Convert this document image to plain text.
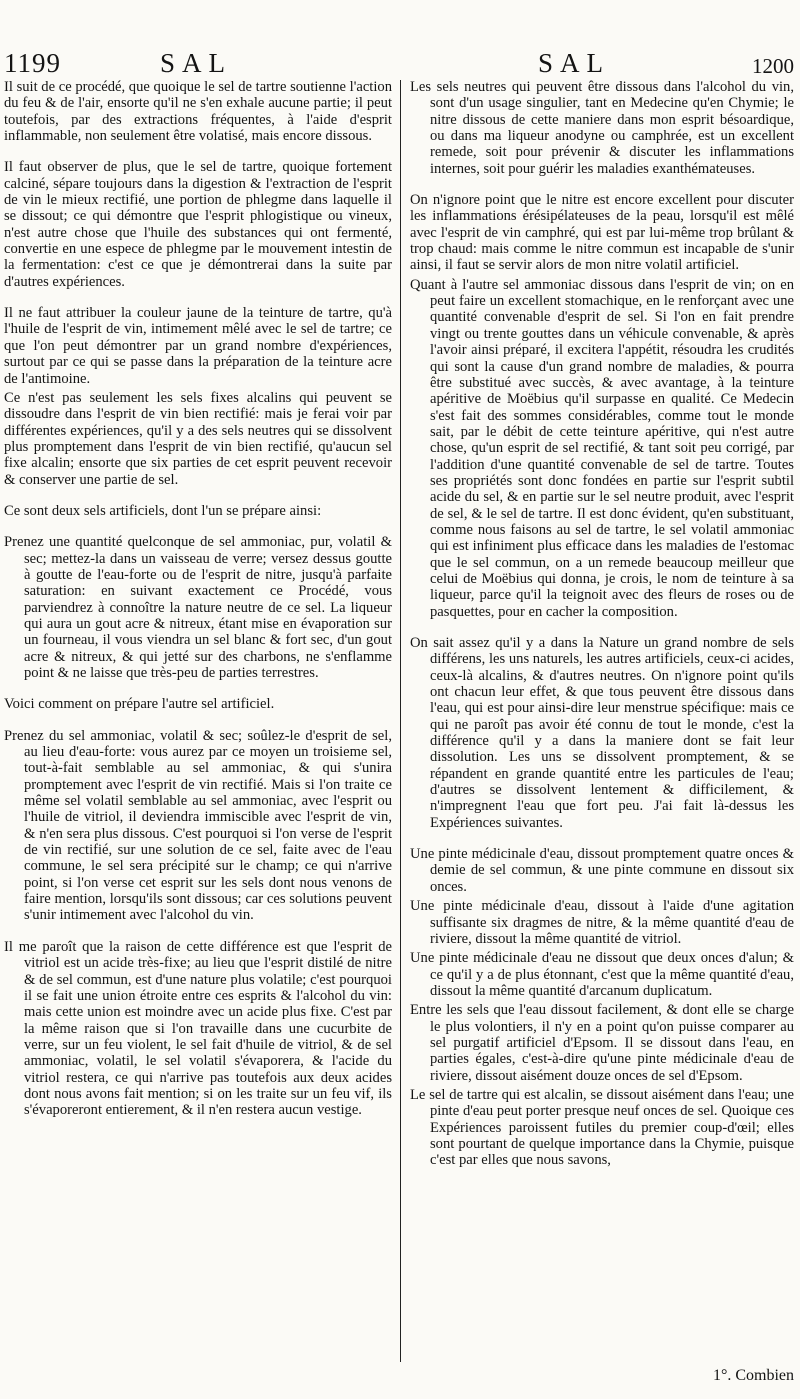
1199	SAL	SAL	1200

Il suit de ce procédé, que quoique le sel de tartre soutienne l'action du feu & de l'air, ensorte qu'il ne s'en exhale aucune partie; il peut toutefois, par des extractions fréquentes, à l'aide d'esprit inflammable, non seulement être volatisé, mais encore dissous.

Il faut observer de plus, que le sel de tartre, quoique fortement calciné, sépare toujours dans la digestion & l'extraction de l'esprit de vin le mieux rectifié, une portion de phlegme dans laquelle il se dissout; ce qui démontre que l'esprit phlogistique ou vineux, n'est autre chose que l'huile des substances qui ont fermenté, convertie en une espece de phlegme par le mouvement intestin de la fermentation: c'est ce que je démontrerai dans la suite par d'autres expériences.

Il ne faut attribuer la couleur jaune de la teinture de tartre, qu'à l'huile de l'esprit de vin, intimement mêlé avec le sel de tartre; ce que l'on peut démontrer par un grand nombre d'expériences, surtout par ce qui se passe dans la préparation de la teinture acre de l'antimoine.

Ce n'est pas seulement les sels fixes alcalins qui peuvent se dissoudre dans l'esprit de vin bien rectifié: mais je ferai voir par différentes expériences, qu'il y a des sels neutres qui se dissolvent plus promptement dans l'esprit de vin bien rectifié, qu'aucun sel fixe alcalin; ensorte que six parties de cet esprit peuvent recevoir & conserver une partie de sel.

Ce sont deux sels artificiels, dont l'un se prépare ainsi:

Prenez une quantité quelconque de sel ammoniac, pur, volatil & sec; mettez-la dans un vaisseau de verre; versez dessus goutte à goutte de l'eau-forte ou de l'esprit de nitre, jusqu'à parfaite saturation: en suivant exactement ce Procédé, vous parviendrez à connoître la nature neutre de ce sel. La liqueur qui aura un gout acre & nitreux, étant mise en évaporation sur un fourneau, il vous viendra un sel blanc & fort sec, d'un gout acre & nitreux, & qui jetté sur des charbons, ne s'enflamme point & ne laisse que très-peu de parties terrestres.

Voici comment on prépare l'autre sel artificiel.

Prenez du sel ammoniac, volatil & sec; soûlez-le d'esprit de sel, au lieu d'eau-forte: vous aurez par ce moyen un troisieme sel, tout-à-fait semblable au sel ammoniac, & qui s'unira promptement avec l'esprit de vin rectifié. Mais si l'on traite ce même sel volatil semblable au sel ammoniac, avec l'esprit ou l'huile de vitriol, il deviendra immiscible avec l'esprit de vin, & n'en sera plus dissous. C'est pourquoi si l'on verse de l'esprit de vin rectifié, sur une solution de ce sel, faite avec de l'eau commune, le sel sera précipité sur le champ; ce qui n'arrive point, si l'on verse cet esprit sur les sels dont nous venons de faire mention, lorsqu'ils sont dissous; car ces solutions peuvent s'unir intimement avec l'alcohol du vin.

Il me paroît que la raison de cette différence est que l'esprit de vitriol est un acide très-fixe; au lieu que l'esprit distilé de nitre & de sel commun, est d'une nature plus volatile; c'est pourquoi il se fait une union étroite entre ces esprits & l'alcohol du vin: mais cette union est moindre avec un acide plus fixe. C'est par la même raison que si l'on travaille dans une cucurbite de verre, sur un feu violent, le sel fait d'huile de vitriol, & de sel ammoniac, volatil, le sel volatil s'évaporera, & l'acide du vitriol restera, ce qui n'arrive pas toutefois aux deux acides dont nous avons fait mention; si on les traite sur un feu vif, ils s'évaporeront entierement, & il n'en restera aucun vestige.

Les sels neutres qui peuvent être dissous dans l'alcohol du vin, sont d'un usage singulier, tant en Medecine qu'en Chymie; le nitre dissous de cette maniere dans mon esprit bésoardique, ou dans ma liqueur anodyne ou camphrée, est un excellent remede, soit pour prévenir & discuter les inflammations internes, soit pour guérir les maladies exanthémateuses.

On n'ignore point que le nitre est encore excellent pour discuter les inflammations érésipélateuses de la peau, lorsqu'il est mêlé avec l'esprit de vin camphré, qui est par lui-même trop brûlant & trop chaud: mais comme le nitre commun est incapable de s'unir ainsi, il faut se servir alors de mon nitre volatil artificiel.

Quant à l'autre sel ammoniac dissous dans l'esprit de vin; on en peut faire un excellent stomachique, en le renforçant avec une quantité convenable d'esprit de sel. Si l'on en fait prendre vingt ou trente gouttes dans un véhicule convenable, & après l'avoir ainsi préparé, il excitera l'appétit, résoudra les crudités qui sont la cause d'un grand nombre de maladies, & pourra être substitué avec succès, & avec avantage, à la teinture apéritive de Moëbius qu'il surpasse en qualité. Ce Medecin s'est fait des sommes considérables, comme tout le monde sait, par le débit de cette teinture apéritive, qui n'est autre chose, qu'un esprit de sel rectifié, & tant soit peu corrigé, par l'addition d'une quantité convenable de sel de tartre. Toutes ses propriétés sont donc fondées en partie sur l'esprit subtil acide du sel, & en partie sur le sel neutre produit, avec l'esprit de sel, & le sel de tartre. Il est donc évident, qu'en substituant, comme nous faisons au sel de tartre, le sel volatil ammoniac qui est infiniment plus efficace dans les maladies de l'estomac que le sel commun, on a un remede beaucoup meilleur que celui de Moëbius qui donna, je crois, le nom de teinture à sa liqueur, parce qu'il la teignoit avec des fleurs de roses ou de pasquettes, pour en cacher la composition.

On sait assez qu'il y a dans la Nature un grand nombre de sels différens, les uns naturels, les autres artificiels, ceux-ci acides, ceux-là alcalins, & d'autres neutres. On n'ignore point qu'ils ont chacun leur effet, & que tous peuvent être dissous dans l'eau, qui est pour ainsi-dire leur menstrue spécifique: mais ce qui ne paroît pas avoir été connu de tout le monde, c'est la différence qu'il y a dans la maniere dont se fait leur dissolution. Les uns se dissolvent promptement, & se répandent en grande quantité entre les particules de l'eau; d'autres se dissolvent lentement & difficilement, & n'impregnent l'eau que fort peu. J'ai fait là-dessus les Expériences suivantes.

Une pinte médicinale d'eau, dissout promptement quatre onces & demie de sel commun, & une pinte commune en dissout six onces.

Une pinte médicinale d'eau, dissout à l'aide d'une agitation suffisante six dragmes de nitre, & la même quantité d'eau de riviere, dissout la même quantité de vitriol.

Une pinte médicinale d'eau ne dissout que deux onces d'alun; & ce qu'il y a de plus étonnant, c'est que la même quantité d'eau, dissout la même quantité d'arcanum duplicatum.

Entre les sels que l'eau dissout facilement, & dont elle se charge le plus volontiers, il n'y en a point qu'on puisse comparer au sel purgatif artificiel d'Epsom. Il se dissout dans l'eau, en parties égales, c'est-à-dire qu'une pinte médicinale d'eau de riviere, dissout aisément douze onces de sel d'Epsom.

Le sel de tartre qui est alcalin, se dissout aisément dans l'eau; une pinte d'eau peut porter presque neuf onces de sel. Quoique ces Expériences paroissent futiles du premier coup-d'œil; elles sont pourtant de quelque importance dans la Chymie, puisque c'est par elles que nous savons,

1°. Combien
